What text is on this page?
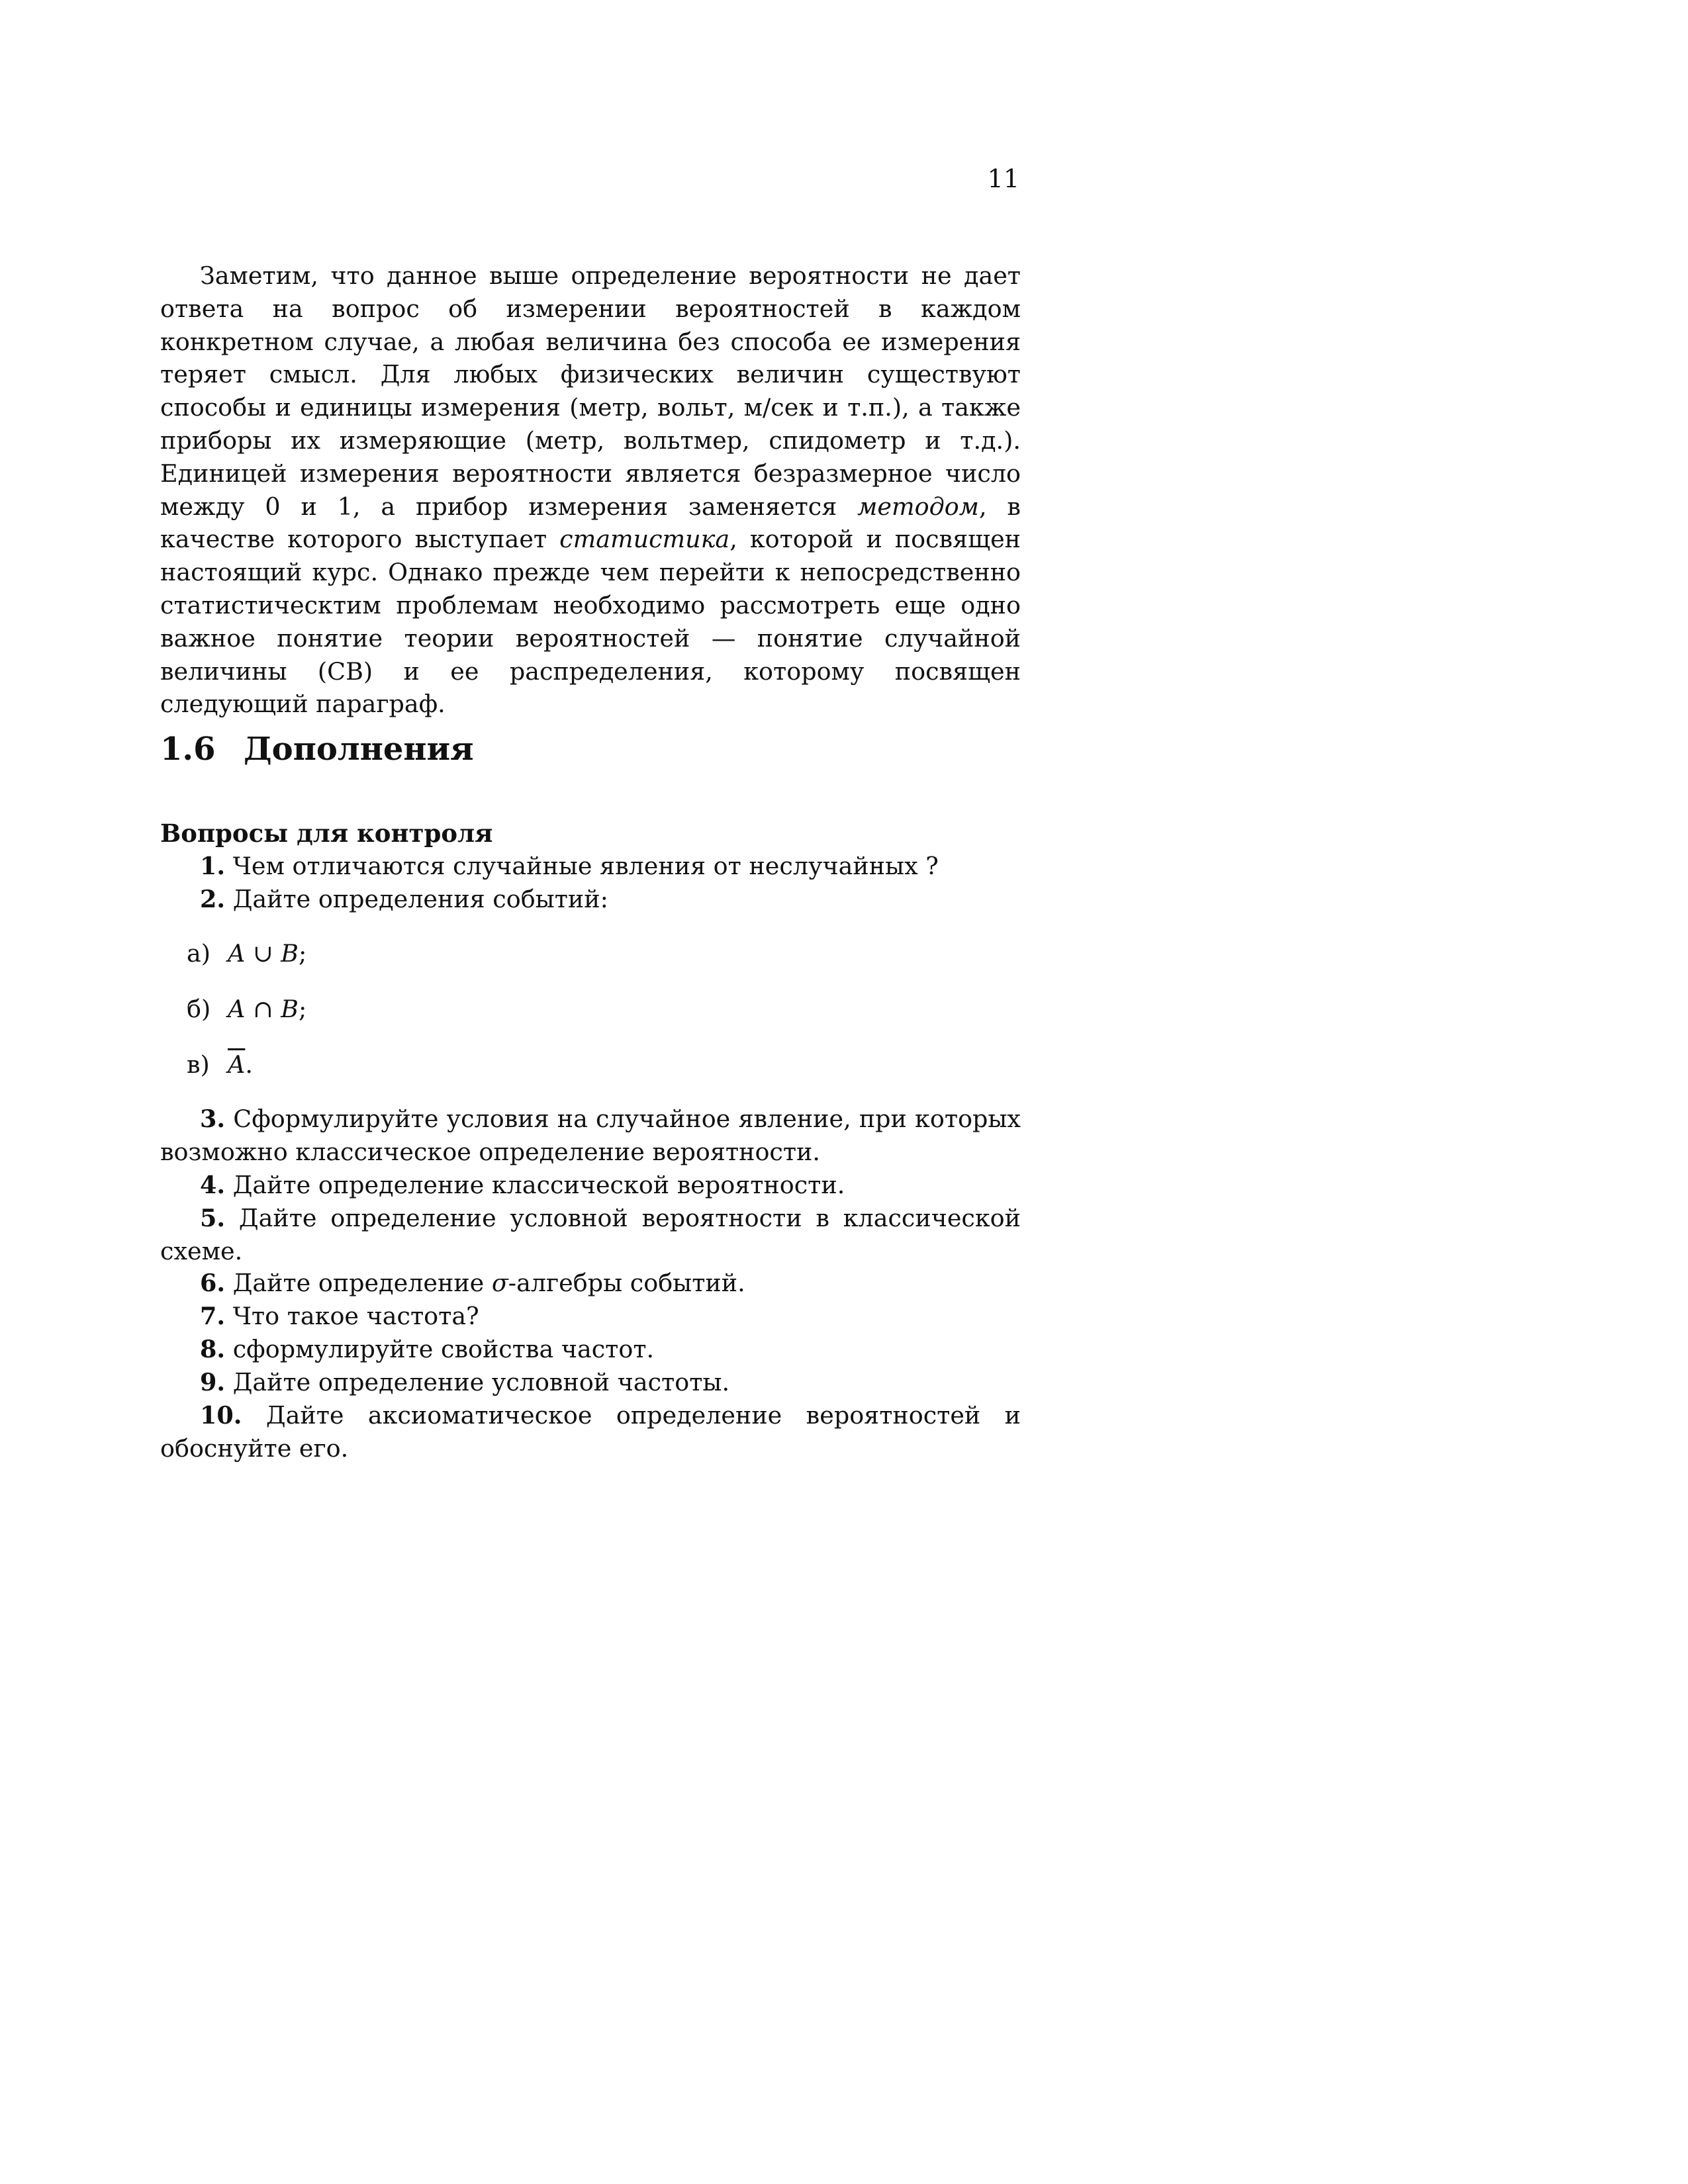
11

Заметим, что данное выше определение вероятности не дает ответа на вопрос об измерении вероятностей в каждом конкретном случае, а любая величина без способа ее измерения теряет смысл. Для любых физических величин существуют способы и единицы измерения (метр, вольт, м/сек и т.п.), а также приборы их измеряющие (метр, вольтмер, спидометр и т.д.). Единицей измерения вероятности является безразмерное число между 0 и 1, а прибор измерения заменяется методом, в качестве которого выступает статистика, которой и посвящен настоящий курс. Однако прежде чем перейти к непосредственно статистическтим проблемам необходимо рассмотреть еще одно важное понятие теории вероятностей — понятие случайной величины (СВ) и ее распределения, которому посвящен следующий параграф.

1.6 Дополнения
Вопросы для контроля

1. Чем отличаются случайные явления от неслучайных ?

2. Дайте определения событий:

а) A ∪ B;

б) A ∩ B;

в) $\overline{A}$.

3. Сформулируйте условия на случайное явление, при которых возможно классическое определение вероятности.

4. Дайте определение классической вероятности.

5. Дайте определение условной вероятности в классической схеме.

6. Дайте определение σ-алгебры событий.

7. Что такое частота?

8. сформулируйте свойства частот.

9. Дайте определение условной частоты.

10. Дайте аксиоматическое определение вероятностей и обоснуйте его.
